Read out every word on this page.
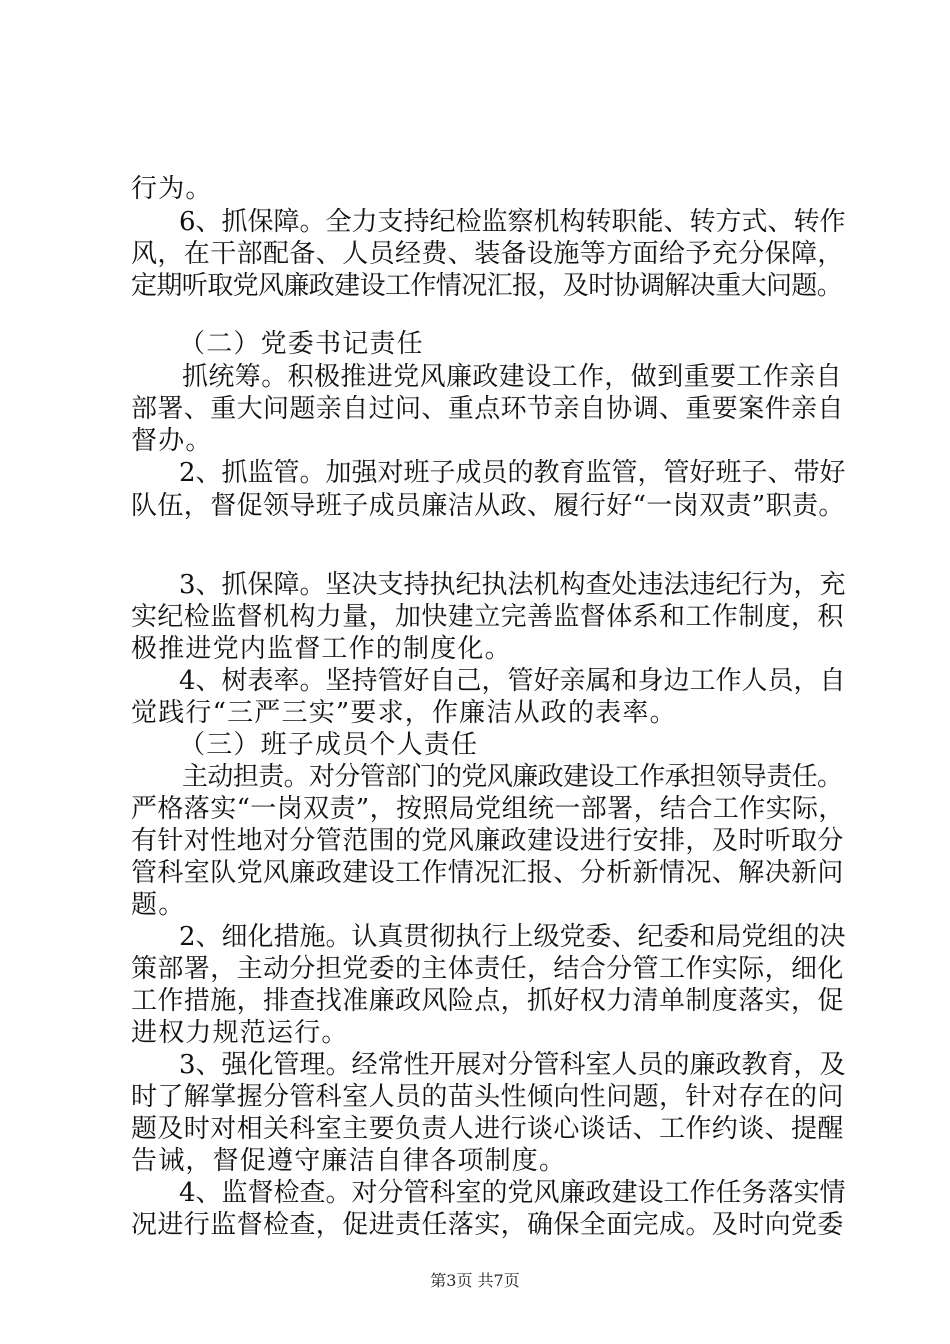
行为。
6、抓保障。全力支持纪检监察机构转职能、转方式、转作
风，在干部配备、人员经费、装备设施等方面给予充分保障，
定期听取党风廉政建设工作情况汇报，及时协调解决重大问题。
（二）党委书记责任
抓统筹。积极推进党风廉政建设工作，做到重要工作亲自
部署、重大问题亲自过问、重点环节亲自协调、重要案件亲自
督办。
2、抓监管。加强对班子成员的教育监管，管好班子、带好
队伍，督促领导班子成员廉洁从政、履行好“一岗双责”职责。
3、抓保障。坚决支持执纪执法机构查处违法违纪行为，充
实纪检监督机构力量，加快建立完善监督体系和工作制度，积
极推进党内监督工作的制度化。
4、树表率。坚持管好自己，管好亲属和身边工作人员，自
觉践行“三严三实”要求，作廉洁从政的表率。
（三）班子成员个人责任
主动担责。对分管部门的党风廉政建设工作承担领导责任。
严格落实“一岗双责”，按照局党组统一部署，结合工作实际，
有针对性地对分管范围的党风廉政建设进行安排，及时听取分
管科室队党风廉政建设工作情况汇报、分析新情况、解决新问
题。
2、细化措施。认真贯彻执行上级党委、纪委和局党组的决
策部署，主动分担党委的主体责任，结合分管工作实际，细化
工作措施，排查找准廉政风险点，抓好权力清单制度落实，促
进权力规范运行。
3、强化管理。经常性开展对分管科室人员的廉政教育，及
时了解掌握分管科室人员的苗头性倾向性问题，针对存在的问
题及时对相关科室主要负责人进行谈心谈话、工作约谈、提醒
告诫，督促遵守廉洁自律各项制度。
4、监督检查。对分管科室的党风廉政建设工作任务落实情
况进行监督检查，促进责任落实，确保全面完成。及时向党委
第3页 共7页
